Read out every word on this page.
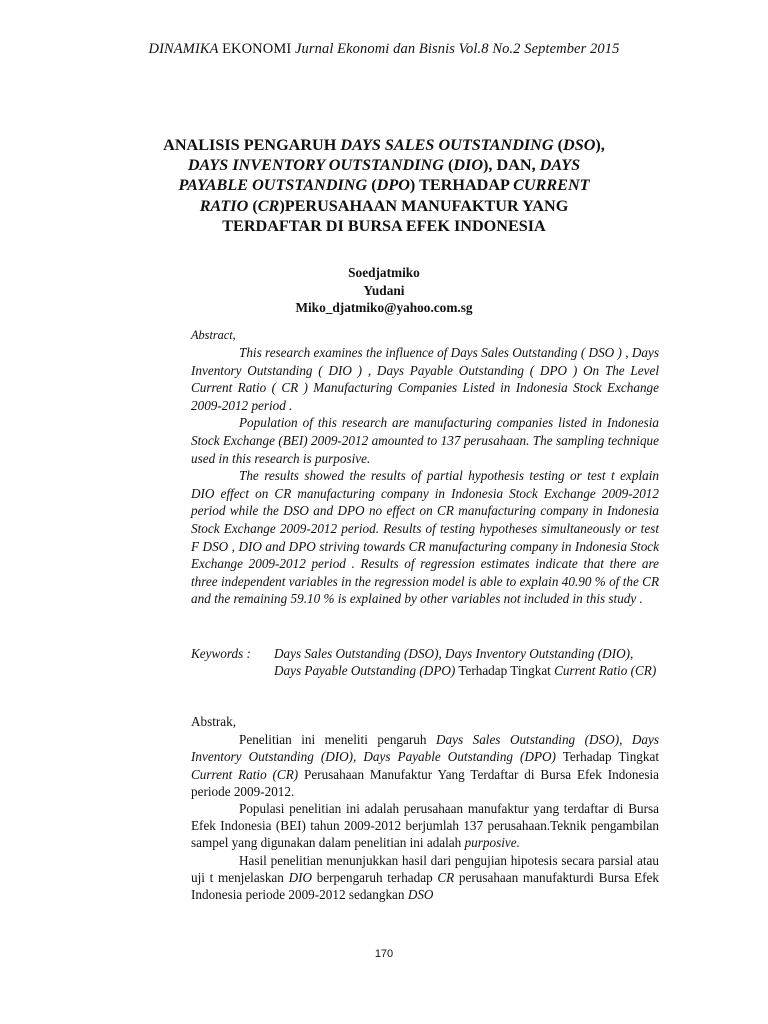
DINAMIKA EKONOMI Jurnal Ekonomi dan Bisnis Vol.8 No.2 September 2015
ANALISIS PENGARUH DAYS SALES OUTSTANDING (DSO),
DAYS INVENTORY OUTSTANDING (DIO), DAN, DAYS
PAYABLE OUTSTANDING (DPO) TERHADAP CURRENT
RATIO (CR)PERUSAHAAN MANUFAKTUR YANG
TERDAFTAR DI BURSA EFEK INDONESIA
Soedjatmiko
Yudani
Miko_djatmiko@yahoo.com.sg
Abstract,

This research examines the influence of Days Sales Outstanding ( DSO ) , Days Inventory Outstanding ( DIO ) , Days Payable Outstanding ( DPO ) On The Level Current Ratio ( CR ) Manufacturing Companies Listed in Indonesia Stock Exchange 2009-2012 period .

Population of this research are manufacturing companies listed in Indonesia Stock Exchange (BEI) 2009-2012 amounted to 137 perusahaan. The sampling technique used in this research is purposive.

The results showed the results of partial hypothesis testing or test t explain DIO effect on CR manufacturing company in Indonesia Stock Exchange 2009-2012 period while the DSO and DPO no effect on CR manufacturing company in Indonesia Stock Exchange 2009-2012 period. Results of testing hypotheses simultaneously or test F DSO , DIO and DPO striving towards CR manufacturing company in Indonesia Stock Exchange 2009-2012 period . Results of regression estimates indicate that there are three independent variables in the regression model is able to explain 40.90 % of the CR and the remaining 59.10 % is explained by other variables not included in this study .

Keywords : Days Sales Outstanding (DSO), Days Inventory Outstanding (DIO), Days Payable Outstanding (DPO) Terhadap Tingkat Current Ratio (CR)
Abstrak,

Penelitian ini meneliti pengaruh Days Sales Outstanding (DSO), Days Inventory Outstanding (DIO), Days Payable Outstanding (DPO) Terhadap Tingkat Current Ratio (CR) Perusahaan Manufaktur Yang Terdaftar di Bursa Efek Indonesia periode 2009-2012.

Populasi penelitian ini adalah perusahaan manufaktur yang terdaftar di Bursa Efek Indonesia (BEI) tahun 2009-2012 berjumlah 137 perusahaan.Teknik pengambilan sampel yang digunakan dalam penelitian ini adalah purposive.

Hasil penelitian menunjukkan hasil dari pengujian hipotesis secara parsial atau uji t menjelaskan DIO berpengaruh terhadap CR perusahaan manufakturdi Bursa Efek Indonesia periode 2009-2012 sedangkan DSO

170
